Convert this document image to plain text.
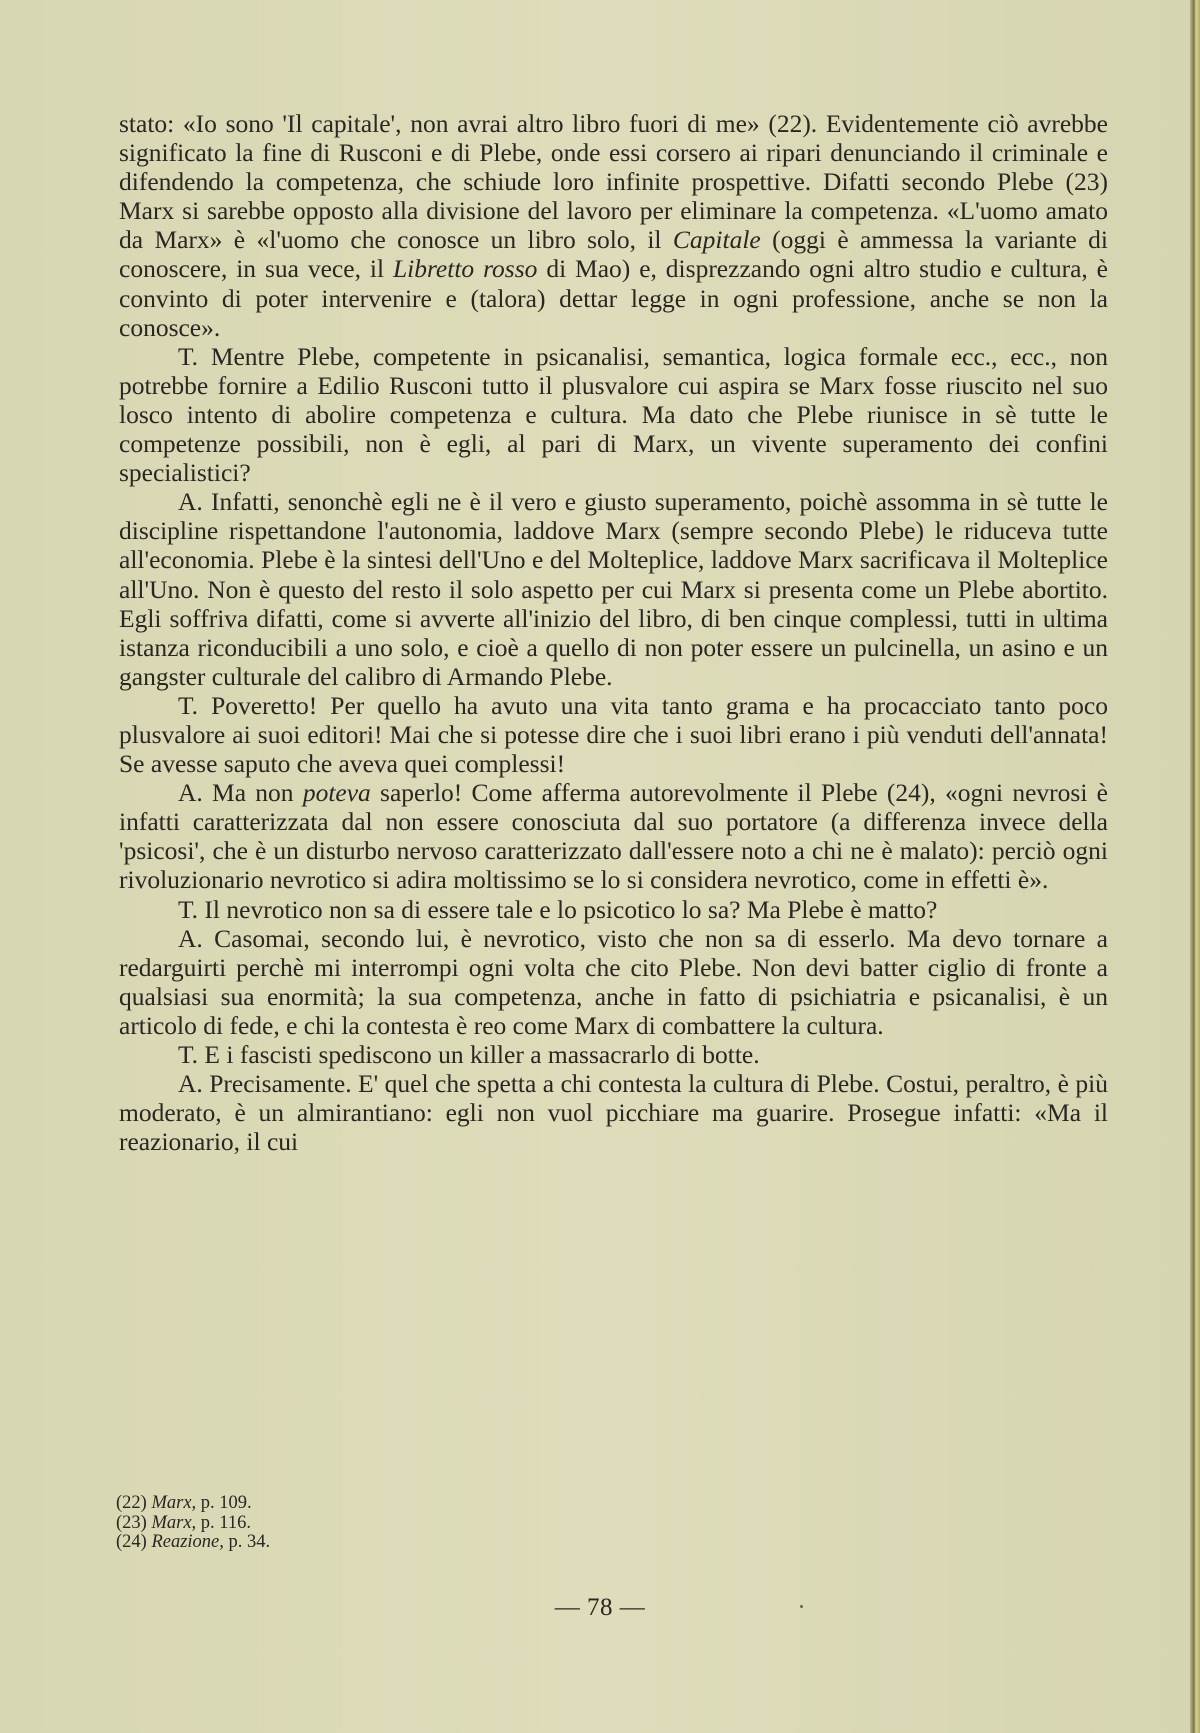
stato: «Io sono 'Il capitale', non avrai altro libro fuori di me» (22). Evidentemente ciò avrebbe significato la fine di Rusconi e di Plebe, onde essi corsero ai ripari denunciando il criminale e difendendo la competenza, che schiude loro infinite prospettive. Difatti secondo Plebe (23) Marx si sarebbe opposto alla divisione del lavoro per eliminare la competenza. «L'uomo amato da Marx» è «l'uomo che conosce un libro solo, il Capitale (oggi è ammessa la variante di conoscere, in sua vece, il Libretto rosso di Mao) e, disprezzando ogni altro studio e cultura, è convinto di poter intervenire e (talora) dettar legge in ogni professione, anche se non la conosce».

T. Mentre Plebe, competente in psicanalisi, semantica, logica formale ecc., ecc., non potrebbe fornire a Edilio Rusconi tutto il plusvalore cui aspira se Marx fosse riuscito nel suo losco intento di abolire competenza e cultura. Ma dato che Plebe riunisce in sè tutte le competenze possibili, non è egli, al pari di Marx, un vivente superamento dei confini specialistici?

A. Infatti, senonchè egli ne è il vero e giusto superamento, poichè assomma in sè tutte le discipline rispettandone l'autonomia, laddove Marx (sempre secondo Plebe) le riduceva tutte all'economia. Plebe è la sintesi dell'Uno e del Molteplice, laddove Marx sacrificava il Molteplice all'Uno. Non è questo del resto il solo aspetto per cui Marx si presenta come un Plebe abortito. Egli soffriva difatti, come si avverte all'inizio del libro, di ben cinque complessi, tutti in ultima istanza riconducibili a uno solo, e cioè a quello di non poter essere un pulcinella, un asino e un gangster culturale del calibro di Armando Plebe.

T. Poveretto! Per quello ha avuto una vita tanto grama e ha procacciato tanto poco plusvalore ai suoi editori! Mai che si potesse dire che i suoi libri erano i più venduti dell'annata! Se avesse saputo che aveva quei complessi!

A. Ma non poteva saperlo! Come afferma autorevolmente il Plebe (24), «ogni nevrosi è infatti caratterizzata dal non essere conosciuta dal suo portatore (a differenza invece della 'psicosi', che è un disturbo nervoso caratterizzato dall'essere noto a chi ne è malato): perciò ogni rivoluzionario nevrotico si adira moltissimo se lo si considera nevrotico, come in effetti è».

T. Il nevrotico non sa di essere tale e lo psicotico lo sa? Ma Plebe è matto?

A. Casomai, secondo lui, è nevrotico, visto che non sa di esserlo. Ma devo tornare a redarguirti perchè mi interrompi ogni volta che cito Plebe. Non devi batter ciglio di fronte a qualsiasi sua enormità; la sua competenza, anche in fatto di psichiatria e psicanalisi, è un articolo di fede, e chi la contesta è reo come Marx di combattere la cultura.

T. E i fascisti spediscono un killer a massacrarlo di botte.

A. Precisamente. E' quel che spetta a chi contesta la cultura di Plebe. Costui, peraltro, è più moderato, è un almirantiano: egli non vuol picchiare ma guarire. Prosegue infatti: «Ma il reazionario, il cui

(22) Marx, p. 109.
(23) Marx, p. 116.
(24) Reazione, p. 34.
— 78 —
